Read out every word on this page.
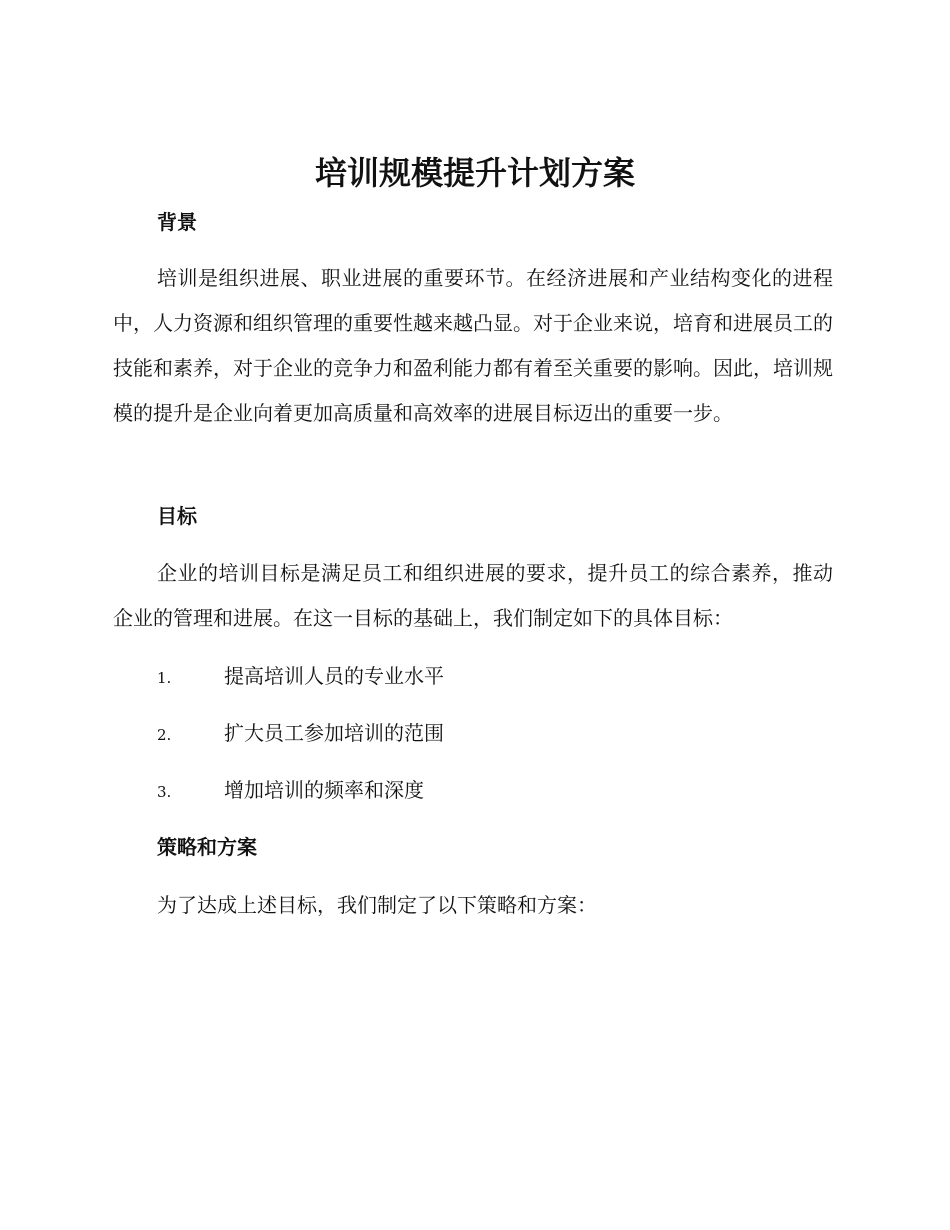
培训规模提升计划方案
背景
培训是组织进展、职业进展的重要环节。在经济进展和产业结构变化的进程中，人力资源和组织管理的重要性越来越凸显。对于企业来说，培育和进展员工的技能和素养，对于企业的竞争力和盈利能力都有着至关重要的影响。因此，培训规模的提升是企业向着更加高质量和高效率的进展目标迈出的重要一步。
目标
企业的培训目标是满足员工和组织进展的要求，提升员工的综合素养，推动企业的管理和进展。在这一目标的基础上，我们制定如下的具体目标：
1.	提高培训人员的专业水平
2.	扩大员工参加培训的范围
3.	增加培训的频率和深度
策略和方案
为了达成上述目标，我们制定了以下策略和方案：
